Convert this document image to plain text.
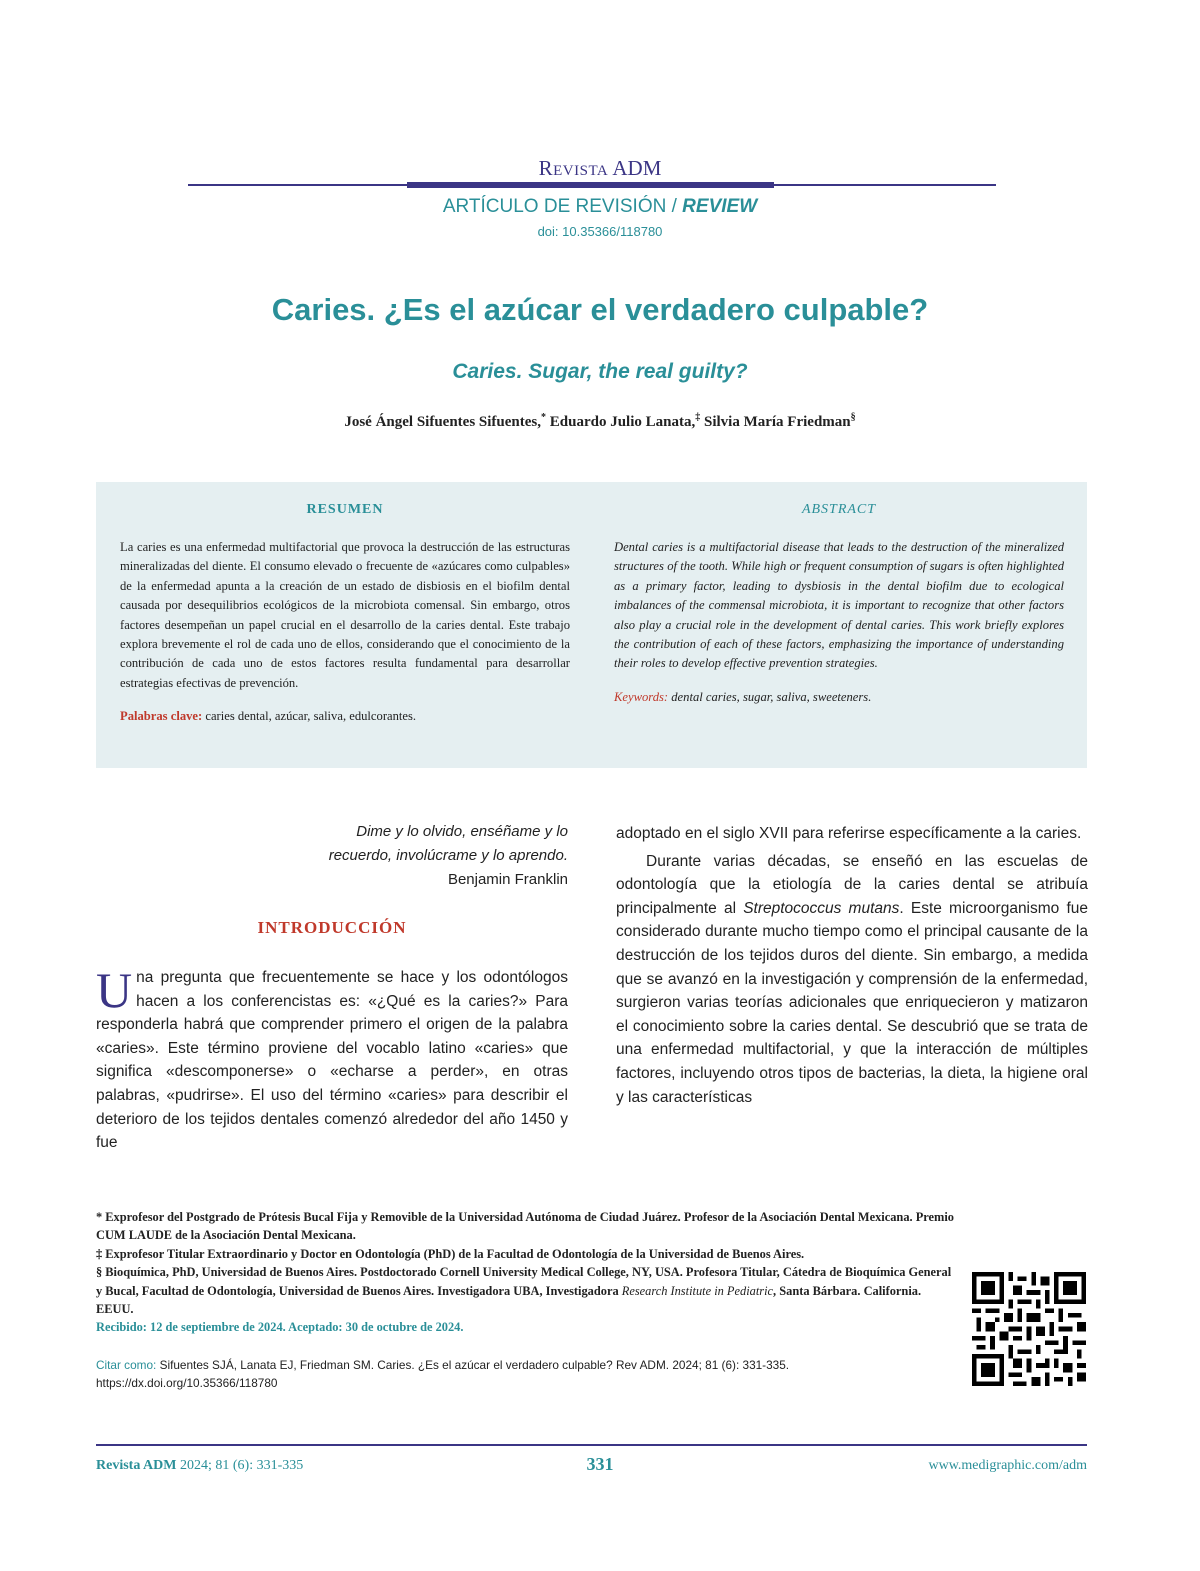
Revista ADM
ARTÍCULO DE REVISIÓN / REVIEW
doi: 10.35366/118780
Caries. ¿Es el azúcar el verdadero culpable?
Caries. Sugar, the real guilty?
José Ángel Sifuentes Sifuentes,* Eduardo Julio Lanata,‡ Silvia María Friedman§
RESUMEN
La caries es una enfermedad multifactorial que provoca la destrucción de las estructuras mineralizadas del diente. El consumo elevado o frecuente de «azúcares como culpables» de la enfermedad apunta a la creación de un estado de disbiosis en el biofilm dental causada por desequilibrios ecológicos de la microbiota comensal. Sin embargo, otros factores desempeñan un papel crucial en el desarrollo de la caries dental. Este trabajo explora brevemente el rol de cada uno de ellos, considerando que el conocimiento de la contribución de cada uno de estos factores resulta fundamental para desarrollar estrategias efectivas de prevención.
Palabras clave: caries dental, azúcar, saliva, edulcorantes.
ABSTRACT
Dental caries is a multifactorial disease that leads to the destruction of the mineralized structures of the tooth. While high or frequent consumption of sugars is often highlighted as a primary factor, leading to dysbiosis in the dental biofilm due to ecological imbalances of the commensal microbiota, it is important to recognize that other factors also play a crucial role in the development of dental caries. This work briefly explores the contribution of each of these factors, emphasizing the importance of understanding their roles to develop effective prevention strategies.
Keywords: dental caries, sugar, saliva, sweeteners.
Dime y lo olvido, enséñame y lo
recuerdo, involúcrame y lo aprendo.
Benjamin Franklin
INTRODUCCIÓN

Una pregunta que frecuentemente se hace y los odontólogos hacen a los conferencistas es: «¿Qué es la caries?» Para responderla habrá que comprender primero el origen de la palabra «caries». Este término proviene del vocablo latino «caries» que significa «descomponerse» o «echarse a perder», en otras palabras, «pudrirse». El uso del término «caries» para describir el deterioro de los tejidos dentales comenzó alrededor del año 1450 y fue

adoptado en el siglo XVII para referirse específicamente a la caries.

Durante varias décadas, se enseñó en las escuelas de odontología que la etiología de la caries dental se atribuía principalmente al Streptococcus mutans. Este microorganismo fue considerado durante mucho tiempo como el principal causante de la destrucción de los tejidos duros del diente. Sin embargo, a medida que se avanzó en la investigación y comprensión de la enfermedad, surgieron varias teorías adicionales que enriquecieron y matizaron el conocimiento sobre la caries dental. Se descubrió que se trata de una enfermedad multifactorial, y que la interacción de múltiples factores, incluyendo otros tipos de bacterias, la dieta, la higiene oral y las características

* Exprofesor del Postgrado de Prótesis Bucal Fija y Removible de la Universidad Autónoma de Ciudad Juárez. Profesor de la Asociación Dental Mexicana. Premio CUM LAUDE de la Asociación Dental Mexicana.
‡ Exprofesor Titular Extraordinario y Doctor en Odontología (PhD) de la Facultad de Odontología de la Universidad de Buenos Aires.
§ Bioquímica, PhD, Universidad de Buenos Aires. Postdoctorado Cornell University Medical College, NY, USA. Profesora Titular, Cátedra de Bioquímica General y Bucal, Facultad de Odontología, Universidad de Buenos Aires. Investigadora UBA, Investigadora Research Institute in Pediatric, Santa Bárbara. California. EEUU.
Recibido: 12 de septiembre de 2024. Aceptado: 30 de octubre de 2024.
Citar como: Sifuentes SJÁ, Lanata EJ, Friedman SM. Caries. ¿Es el azúcar el verdadero culpable? Rev ADM. 2024; 81 (6): 331-335.
https://dx.doi.org/10.35366/118780
Revista ADM 2024; 81 (6): 331-335	331	www.medigraphic.com/adm
